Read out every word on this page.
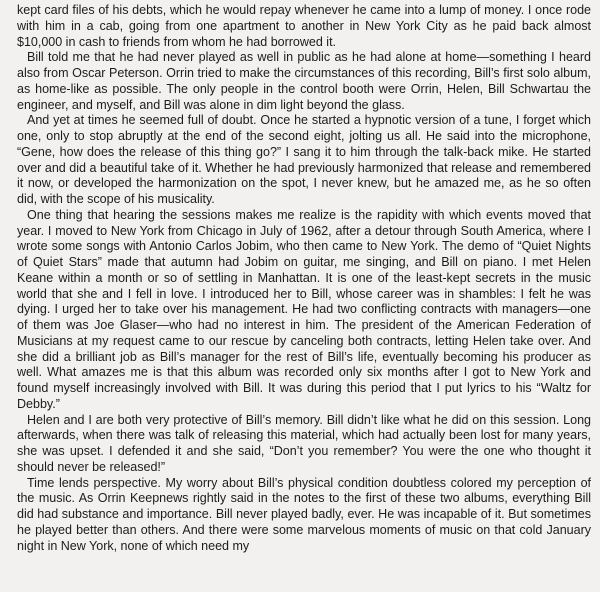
kept card files of his debts, which he would repay whenever he came into a lump of money. I once rode with him in a cab, going from one apartment to another in New York City as he paid back almost $10,000 in cash to friends from whom he had borrowed it.

Bill told me that he had never played as well in public as he had alone at home—something I heard also from Oscar Peterson. Orrin tried to make the circumstances of this recording, Bill’s first solo album, as home-like as possible. The only people in the control booth were Orrin, Helen, Bill Schwartau the engineer, and myself, and Bill was alone in dim light beyond the glass.

And yet at times he seemed full of doubt. Once he started a hypnotic version of a tune, I forget which one, only to stop abruptly at the end of the second eight, jolting us all. He said into the microphone, “Gene, how does the release of this thing go?” I sang it to him through the talk-back mike. He started over and did a beautiful take of it. Whether he had previously harmonized that release and remembered it now, or developed the harmonization on the spot, I never knew, but he amazed me, as he so often did, with the scope of his musicality.

One thing that hearing the sessions makes me realize is the rapidity with which events moved that year. I moved to New York from Chicago in July of 1962, after a detour through South America, where I wrote some songs with Antonio Carlos Jobim, who then came to New York. The demo of “Quiet Nights of Quiet Stars” made that autumn had Jobim on guitar, me singing, and Bill on piano. I met Helen Keane within a month or so of settling in Manhattan. It is one of the least-kept secrets in the music world that she and I fell in love. I introduced her to Bill, whose career was in shambles: I felt he was dying. I urged her to take over his management. He had two conflicting contracts with managers—one of them was Joe Glaser—who had no interest in him. The president of the American Federation of Musicians at my request came to our rescue by canceling both contracts, letting Helen take over. And she did a brilliant job as Bill’s manager for the rest of Bill’s life, eventually becoming his producer as well. What amazes me is that this album was recorded only six months after I got to New York and found myself increasingly involved with Bill. It was during this period that I put lyrics to his “Waltz for Debby.”

Helen and I are both very protective of Bill’s memory. Bill didn’t like what he did on this session. Long afterwards, when there was talk of releasing this material, which had actually been lost for many years, she was upset. I defended it and she said, “Don’t you remember? You were the one who thought it should never be released!”

Time lends perspective. My worry about Bill’s physical condition doubtless colored my perception of the music. As Orrin Keepnews rightly said in the notes to the first of these two albums, everything Bill did had substance and importance. Bill never played badly, ever. He was incapable of it. But sometimes he played better than others. And there were some marvelous moments of music on that cold January night in New York, none of which need my
